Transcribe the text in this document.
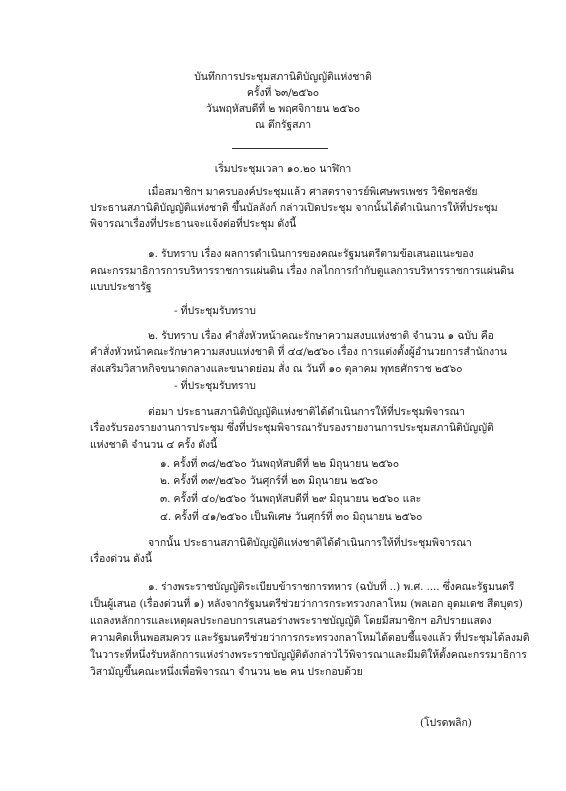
บันทึกการประชุมสภานิติบัญญัติแห่งชาติ
ครั้งที่ ๖๓/๒๕๖๐
วันพฤหัสบดีที่ ๒ พฤศจิกายน ๒๕๖๐
ณ ตึกรัฐสภา
เริ่มประชุมเวลา ๑๐.๒๐ นาฬิกา
เมื่อสมาชิกฯ มาครบองค์ประชุมแล้ว ศาสตราจารย์พิเศษพรเพชร วิชิตชลชัย
ประธานสภานิติบัญญัติแห่งชาติ ขึ้นบัลลังก์ กล่าวเปิดประชุม จากนั้นได้ดำเนินการให้ที่ประชุม
พิจารณาเรื่องที่ประธานจะแจ้งต่อที่ประชุม ดังนี้
๑. รับทราบ เรื่อง ผลการดำเนินการของคณะรัฐมนตรีตามข้อเสนอแนะของ
คณะกรรมาธิการการบริหารราชการแผ่นดิน เรื่อง กลไกการกำกับดูแลการบริหารราชการแผ่นดิน
แบบประชารัฐ
- ที่ประชุมรับทราบ
๒. รับทราบ เรื่อง คำสั่งหัวหน้าคณะรักษาความสงบแห่งชาติ จำนวน ๑ ฉบับ คือ
คำสั่งหัวหน้าคณะรักษาความสงบแห่งชาติ ที่ ๔๔/๒๕๖๐ เรื่อง การแต่งตั้งผู้อำนวยการสำนักงาน
ส่งเสริมวิสาหกิจขนาดกลางและขนาดย่อม สั่ง ณ วันที่ ๑๐ ตุลาคม พุทธศักราช ๒๕๖๐
- ที่ประชุมรับทราบ
ต่อมา ประธานสภานิติบัญญัติแห่งชาติได้ดำเนินการให้ที่ประชุมพิจารณา
เรื่องรับรองรายงานการประชุม ซึ่งที่ประชุมพิจารณารับรองรายงานการประชุมสภานิติบัญญัติ
แห่งชาติ จำนวน ๔ ครั้ง ดังนี้
๑. ครั้งที่ ๓๘/๒๕๖๐ วันพฤหัสบดีที่ ๒๒ มิถุนายน ๒๕๖๐
๒. ครั้งที่ ๓๙/๒๕๖๐ วันศุกร์ที่ ๒๓ มิถุนายน ๒๕๖๐
๓. ครั้งที่ ๔๐/๒๕๖๐ วันพฤหัสบดีที่ ๒๙ มิถุนายน ๒๕๖๐ และ
๔. ครั้งที่ ๔๑/๒๕๖๐ เป็นพิเศษ วันศุกร์ที่ ๓๐ มิถุนายน ๒๕๖๐
จากนั้น ประธานสภานิติบัญญัติแห่งชาติได้ดำเนินการให้ที่ประชุมพิจารณา
เรื่องด่วน ดังนี้
๑. ร่างพระราชบัญญัติระเบียบข้าราชการทหาร (ฉบับที่ ..) พ.ศ. .... ซึ่งคณะรัฐมนตรี
เป็นผู้เสนอ (เรื่องด่วนที่ ๑) หลังจากรัฐมนตรีช่วยว่าการกระทรวงกลาโหม (พลเอก อุดมเดช สีตบุตร)
แถลงหลักการและเหตุผลประกอบการเสนอร่างพระราชบัญญัติ โดยมีสมาชิกฯ อภิปรายแสดง
ความคิดเห็นพอสมควร และรัฐมนตรีช่วยว่าการกระทรวงกลาโหมได้ตอบชี้แจงแล้ว ที่ประชุมได้ลงมติ
ในวาระที่หนึ่งรับหลักการแห่งร่างพระราชบัญญัติดังกล่าวไว้พิจารณาและมีมติให้ตั้งคณะกรรมาธิการ
วิสามัญขึ้นคณะหนึ่งเพื่อพิจารณา จำนวน ๒๒ คน ประกอบด้วย
(โปรดพลิก)
